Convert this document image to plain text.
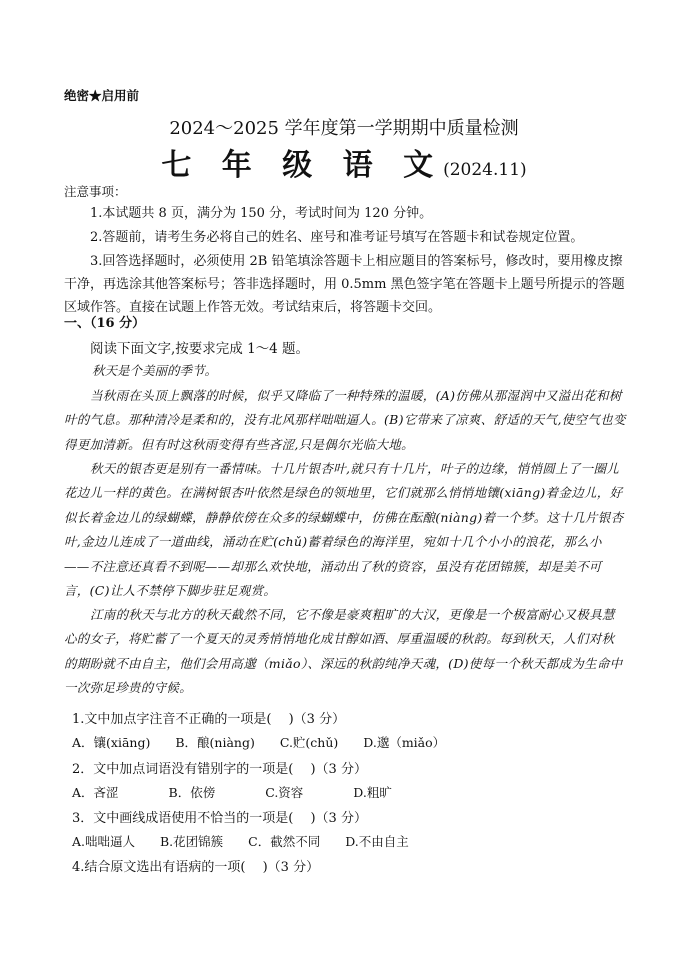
绝密★启用前
2024～2025 学年度第一学期期中质量检测
七 年 级 语 文(2024.11)
注意事项：
1.本试题共 8 页，满分为 150 分，考试时间为 120 分钟。
2.答题前，请考生务必将自己的姓名、座号和准考证号填写在答题卡和试卷规定位置。
3.回答选择题时，必须使用 2B 铅笔填涂答题卡上相应题目的答案标号，修改时，要用橡皮擦干净，再选涂其他答案标号；答非选择题时，用 0.5mm 黑色签字笔在答题卡上题号所提示的答题区域作答。直接在试题上作答无效。考试结束后，将答题卡交回。
一、（16 分）
阅读下面文字,按要求完成 1～4 题。
秋天是个美丽的季节。
当秋雨在头顶上飘落的时候，似乎又降临了一种特殊的温暖，(A)仿佛从那湿润中又溢出花和树叶的气息。那种清冷是柔和的，没有北风那样咄咄逼人。(B)它带来了凉爽、舒适的天气,使空气也变得更加清新。但有时这秋雨变得有些吝涩,只是偶尔光临大地。
秋天的银杏更是别有一番情味。十几片银杏叶,就只有十几片，叶子的边缘，悄悄圆上了一圈儿花边儿一样的黄色。在满树银杏叶依然是绿色的领地里，它们就那么悄悄地镶(xiāng)着金边儿，好似长着金边儿的绿蝴蝶，静静依傍在众多的绿蝴蝶中，仿佛在酝酿(niàng)着一个梦。这十几片银杏叶,金边儿连成了一道曲线，涌动在贮(chǔ)蓄着绿色的海洋里，宛如十几个小小的浪花，那么小——不注意还真看不到呢——却那么欢快地，涌动出了秋的资容，虽没有花团锦簇，却是美不可言，(C)让人不禁停下脚步驻足观赏。
江南的秋天与北方的秋天截然不同，它不像是豪爽粗旷的大汉，更像是一个极富耐心又极具慧心的女子，将贮蓄了一个夏天的灵秀悄悄地化成甘醇如酒、厚重温暖的秋韵。每到秋天，人们对秋的期盼就不由自主，他们会用高邈（miǎo）、深远的秋韵纯净天魂，(D)使每一个秋天都成为生命中一次弥足珍贵的守候。
1.文中加点字注音不正确的一项是(　 )（3 分）
A．镶(xiāng)　　B．酿(niàng)　　C.贮(chǔ)　　D.邈（miǎo）
2．文中加点词语没有错别字的一项是(　 )（3 分）
A．吝涩　　　　B．依傍　　　　C.资容　　　　D.粗旷
3．文中画线成语使用不恰当的一项是(　 )（3 分）
A.咄咄逼人　　B.花团锦簇　　C．截然不同　　D.不由自主
4.结合原文选出有语病的一项(　 )（3 分）
